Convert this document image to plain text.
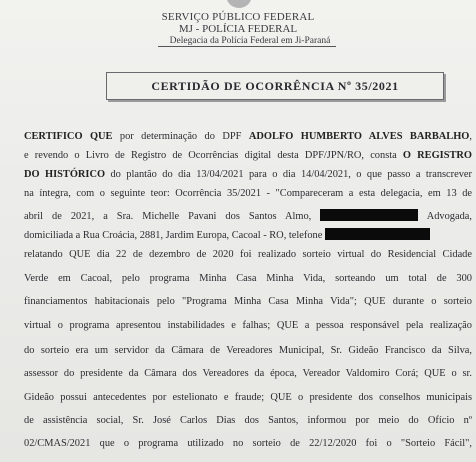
SERVIÇO PÚBLICO FEDERAL
MJ - POLÍCIA FEDERAL
Delegacia da Polícia Federal em Ji-Paraná
CERTIDÃO DE OCORRÊNCIA Nº 35/2021
CERTIFICO QUE por determinação do DPF ADOLFO HUMBERTO ALVES BARBALHO,
e revendo o Livro de Registro de Ocorrências digital desta DPF/JPN/RO, consta O REGISTRO
DO HISTÓRICO do plantão do dia 13/04/2021 para o dia 14/04/2021, o que passo a transcrever
na íntegra, com o seguinte teor: Ocorrência 35/2021 - "Compareceram a esta delegacia, em 13 de
abril de 2021, a Sra. Michelle Pavani dos Santos Almo,	Advogada,
domiciliada a Rua Croácia, 2881, Jardim Europa, Cacoal - RO, telefone
relatando QUE dia 22 de dezembro de 2020 foi realizado sorteio virtual do Residencial Cidade
Verde em Cacoal, pelo programa Minha Casa Minha Vida, sorteando um total de 300
financiamentos habitacionais pelo "Programa Minha Casa Minha Vida"; QUE durante o sorteio
virtual o programa apresentou instabilidades e falhas; QUE a pessoa responsável pela realização
do sorteio era um servidor da Câmara de Vereadores Municipal, Sr. Gideão Francisco da Silva,
assessor do presidente da Câmara dos Vereadores da época, Vereador Valdomiro Corá; QUE o sr.
Gideão possui antecedentes por estelionato e fraude; QUE o presidente dos conselhos municipais
de assistência social, Sr. José Carlos Dias dos Santos, informou por meio do Ofício nº
02/CMAS/2021 que o programa utilizado no sorteio de 22/12/2020 foi o "Sorteio Fácil",
